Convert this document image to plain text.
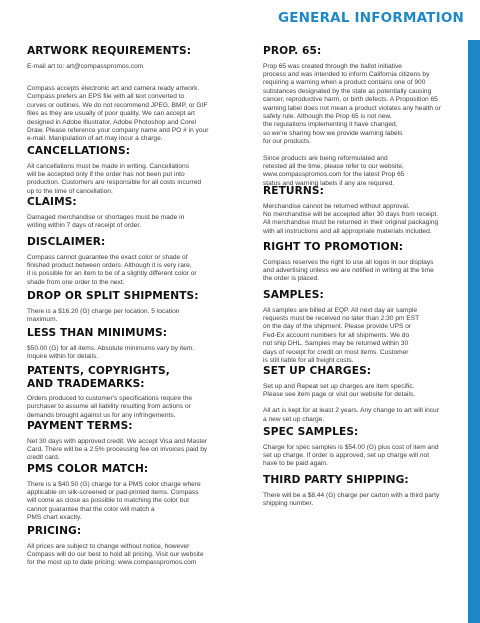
GENERAL INFORMATION
ARTWORK REQUIREMENTS:
E-mail art to: art@compasspromos.com
Compass accepts electronic art and camera ready artwork.
Compass prefers an EPS file with all text converted to
curves or outlines. We do not recommend JPEG, BMP, or GIF
files as they are usually of poor quality. We can accept art
designed in Adobe Illustrator, Adobe Photoshop and Corel
Draw. Please reference your company name and PO # in your
e-mail. Manipulation of art may incur a charge.
CANCELLATIONS:
All cancellations must be made in writing. Cancellations
will be accepted only if the order has not been put into
production. Customers are responsible for all costs incurred
up to the time of cancellation.
CLAIMS:
Damaged merchandise or shortages must be made in
writing within 7 days of receipt of order.
DISCLAIMER:
Compass cannot guarantee the exact color or shade of
finished product between orders. Although it is very rare,
it is possible for an item to be of a slightly different color or
shade from one order to the next.
DROP OR SPLIT SHIPMENTS:
There is a $16.20 (G) charge per location. 5 location
maximum.
LESS THAN MINIMUMS:
$50.00 (G) for all items. Absolute minimums vary by item.
Inquire within for details.
PATENTS, COPYRIGHTS,
AND TRADEMARKS:
Orders produced to customer's specifications require the
purchaser to assume all liability resulting from actions or
demands brought against us for any infringements.
PAYMENT TERMS:
Net 30 days with approved credit. We accept Visa and Master
Card. There will be a 2.5% processing fee on invoices paid by
credit card.
PMS COLOR MATCH:
There is a $40.50 (G) charge for a PMS color charge where
applicable on silk-screened or pad-printed items. Compass
will come as close as possible to matching the color but
cannot guarantee that the color will match a
PMS chart exactly.
PRICING:
All prices are subject to change without notice, however
Compass will do our best to hold all pricing. Visit our website
for the most up to date pricing: www.compasspromos.com
PROP. 65:
Prop 65 was created through the ballot initiative
process and was intended to inform California citizens by
requiring a warning when a product contains one of 900
substances designated by the state as potentially causing
cancer, reproductive harm, or birth defects. A Proposition 65
warning label does not mean a product violates any health or
safety rule. Although the Prop 65 is not new,
the regulations implementing it have changed,
so we're sharing how we provide warning labels
for our products.
Since products are being reformulated and
retested all the time, please refer to our website,
www.compasspromos.com for the latest Prop 65
status and warning labels if any are required.
RETURNS:
Merchandise cannot be returned without approval.
No merchandise will be accepted after 30 days from receipt.
All merchandise must be returned in their original packaging
with all instructions and all appropriate materials included.
RIGHT TO PROMOTION:
Compass reserves the right to use all logos in our displays
and advertising unless we are notified in writing at the time
the order is placed.
SAMPLES:
All samples are billed at EQP. All next day air sample
requests must be received no later than 2:30 pm EST
on the day of the shipment. Please provide UPS or
Fed-Ex account numbers for all shipments. We do
not ship DHL. Samples may be returned within 30
days of receipt for credit on most items. Customer
is still liable for all freight costs.
SET UP CHARGES:
Set up and Repeat set up charges are item specific.
Please see item page or visit our website for details.
All art is kept for at least 2 years. Any change to art will incur
a new set up charge.
SPEC SAMPLES:
Charge for spec samples is $54.00 (G) plus cost of item and
set up charge. If order is approved, set up charge will not
have to be paid again.
THIRD PARTY SHIPPING:
There will be a $8.44 (G) charge per carton with a third party
shipping number.
